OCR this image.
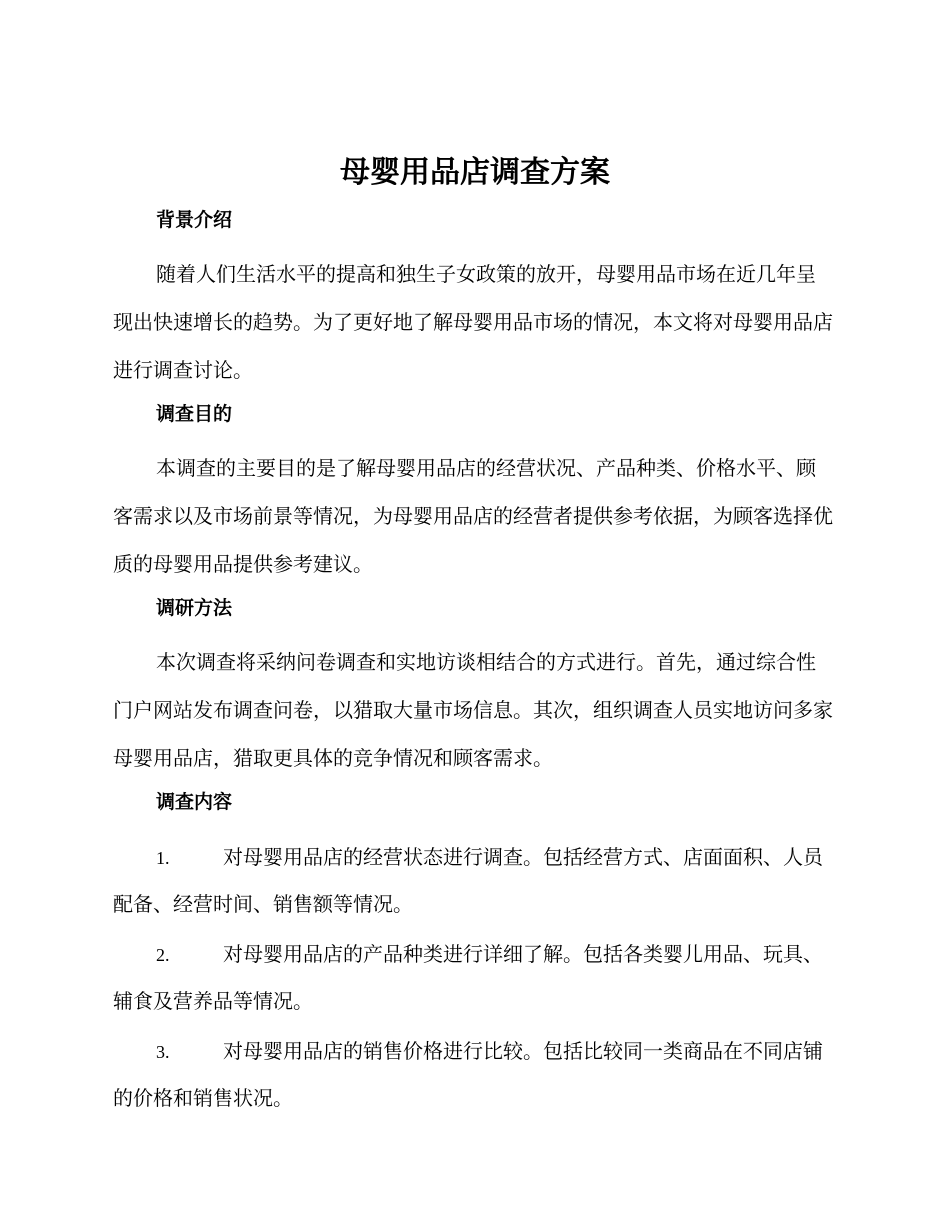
母婴用品店调查方案
背景介绍

随着人们生活水平的提高和独生子女政策的放开，母婴用品市场在近几年呈现出快速增长的趋势。为了更好地了解母婴用品市场的情况，本文将对母婴用品店进行调查讨论。

调查目的

本调查的主要目的是了解母婴用品店的经营状况、产品种类、价格水平、顾客需求以及市场前景等情况，为母婴用品店的经营者提供参考依据，为顾客选择优质的母婴用品提供参考建议。

调研方法

本次调查将采纳问卷调查和实地访谈相结合的方式进行。首先，通过综合性门户网站发布调查问卷，以猎取大量市场信息。其次，组织调查人员实地访问多家母婴用品店，猎取更具体的竞争情况和顾客需求。

调查内容

1.	对母婴用品店的经营状态进行调查。包括经营方式、店面面积、人员配备、经营时间、销售额等情况。

2.	对母婴用品店的产品种类进行详细了解。包括各类婴儿用品、玩具、辅食及营养品等情况。

3.	对母婴用品店的销售价格进行比较。包括比较同一类商品在不同店铺的价格和销售状况。
